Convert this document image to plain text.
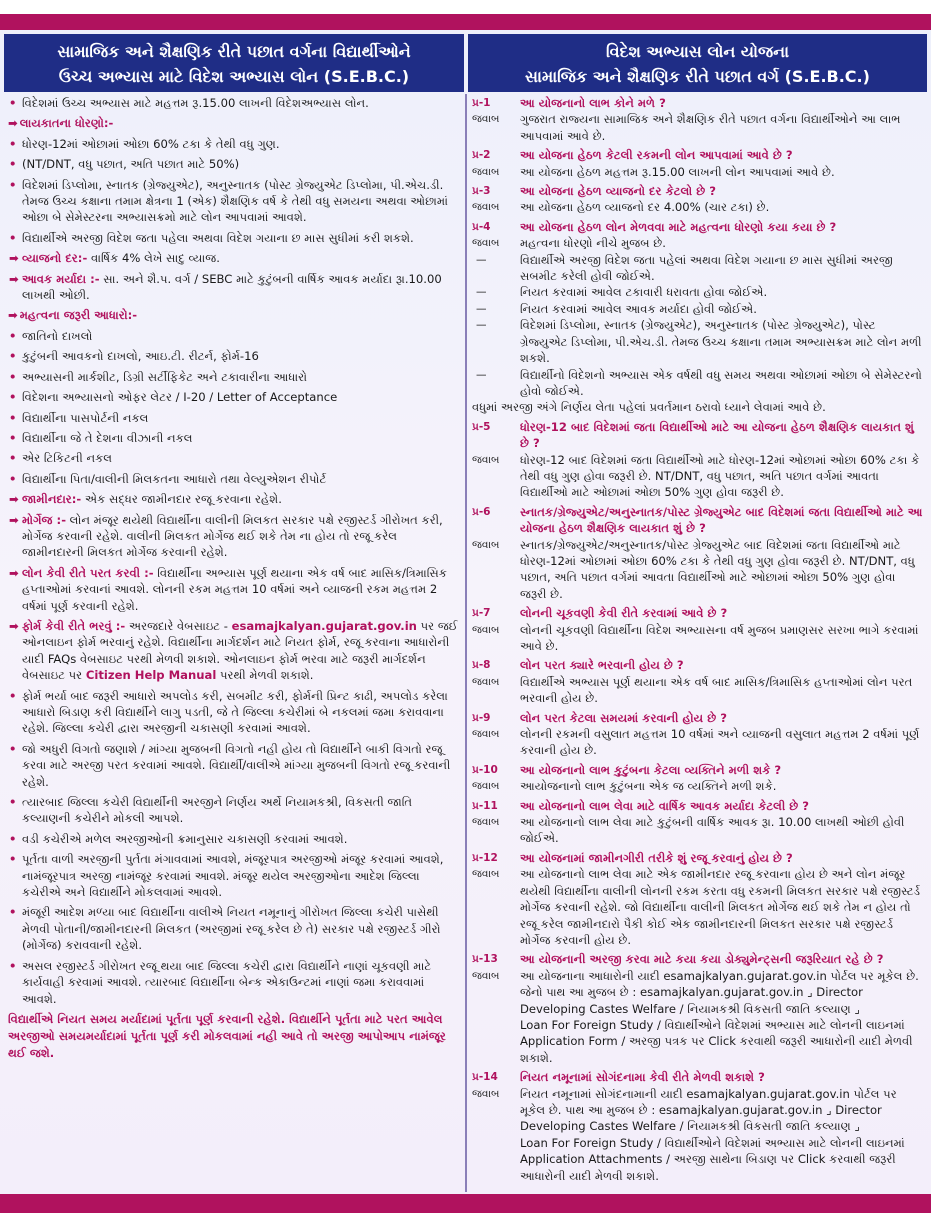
સામાજિક અને શૈક્ષણિક રીતે પછાત વર્ગના વિદ્યાર્થીઓને
ઉચ્ચ અભ્યાસ માટે વિદેશ અભ્યાસ લોન (S.E.B.C.)
વિદેશ અભ્યાસ લોન યોજના
સામાજિક અને શૈક્ષણિક રીતે પછાત વર્ગ (S.E.B.C.)
• વિદેશમાં ઉચ્ચ અભ્યાસ માટે મહત્તમ રૂ.15.00 લાખની વિદેશઅભ્યાસ લોન.
➡ લાયકાતના ધોરણો:-
• ધોરણ-12માં ઓછામાં ઓછા 60% ટકા કે તેથી વધુ ગુણ.
• (NT/DNT, વધુ પછાત, અતિ પછાત માટે 50%)
• વિદેશમાં ડિપ્લોમા, સ્નાતક (ગ્રેજ્યુએટ), અનુસ્નાતક (પોસ્ટ ગ્રેજ્યુએટ ડિપ્લોમા, પી.એચ.ડી. તેમજ ઉચ્ચ કક્ષાના તમામ ક્ષેત્રના 1 (એક) શૈક્ષણિક વર્ષ કે તેથી વધુ સમયના અથવા ઓછામાં ઓછા બે સેમેસ્ટરના અભ્યાસક્રમો માટે લોન આપવામાં આવશે.
• વિદ્યાર્થીએ અરજી વિદેશ જતા પહેલા અથવા વિદેશ ગયાના છ માસ સુધીમાં કરી શકશે.
➡ વ્યાજનો દર:- વાર્ષિક 4% લેખે સાદુ વ્યાજ.
➡ આવક મર્યાદા :- સા. અને શૈ.પ. વર્ગ / SEBC માટે કુટુંબની વાર્ષિક આવક મર્યાદા રૂા.10.00 લાખથી ઓછી.
➡ મહત્વના જરૂરી આધારો:-
• જાતિનો દાખલો
• કુટુંબની આવકનો દાખલો, આઇ.ટી. રીટર્ન, ફોર્મ-16
• અભ્યાસની માર્કશીટ, ડિગ્રી સર્ટીફિકેટ અને ટકાવારીના આધારો
• વિદેશના અભ્યાસનો ઓફર લેટર / I-20 / Letter of Acceptance
• વિદ્યાર્થીના પાસપોર્ટની નકલ
• વિદ્યાર્થીના જે તે દેશના વીઝાની નકલ
• એર ટિકિટની નકલ
• વિદ્યાર્થીના પિતા/વાલીની મિલકતના આધારો તથા વેલ્યુએશન રીપોર્ટ
➡ જામીનદાર:- એક સદ્ધર જામીનદાર રજૂ કરવાના રહેશે.
➡ મોર્ગેજ :- લોન મંજૂર થયેથી વિદ્યાર્થીના વાલીની મિલકત સરકાર પક્ષે રજીસ્ટર્ડ ગીરોખત કરી, મોર્ગેજ કરવાની રહેશે. વાલીની મિલકત મોર્ગેજ થઈ શકે તેમ ના હોય તો રજૂ કરેલ જામીનદારની મિલકત મોર્ગેજ કરવાની રહેશે.
➡ લોન કેવી રીતે પરત કરવી :- વિદ્યાર્થીના અભ્યાસ પૂર્ણ થયાના એક વર્ષ બાદ માસિક/ત્રિમાસિક હપ્તાઓમાં કરવાનાં આવશે. લોનની રકમ મહત્તમ 10 વર્ષમાં અને વ્યાજની રકમ મહત્તમ 2 વર્ષમાં પૂર્ણ કરવાની રહેશે.
➡ ફોર્મ કેવી રીતે ભરવું :- અરજદારે વેબસાઇટ - esamajkalyan.gujarat.gov.in પર જઈ ઓનલાઇન ફોર્મ ભરવાનું રહેશે. વિદ્યાર્થીના માર્ગદર્શન માટે નિયત ફોર્મ, રજૂ કરવાના આધારોની યાદી FAQs વેબસાઇટ પરથી મેળવી શકાશે. ઓનલાઇન ફોર્મ ભરવા માટે જરૂરી માર્ગદર્શન વેબસાઇટ પર Citizen Help Manual પરથી મેળવી શકાશે.
• ફોર્મ ભર્યા બાદ જરૂરી આધારો અપલોડ કરી, સબમીટ કરી, ફોર્મની પ્રિન્ટ કાઢી, અપલોડ કરેલા આધારો બિડાણ કરી વિદ્યાર્થીને લાગુ પડતી, જે તે જિલ્લા કચેરીમાં બે નકલમાં જમા કરાવવાના રહેશે. જિલ્લા કચેરી દ્વારા અરજીની ચકાસણી કરવામાં આવશે.
• જો અધુરી વિગતો જણાશે / માંગ્યા મુજબની વિગતો નહી હોય તો વિદ્યાર્થીને બાકી વિગતો રજૂ કરવા માટે અરજી પરત કરવામાં આવશે. વિદ્યાર્થી/વાલીએ માંગ્યા મુજબની વિગતો રજૂ કરવાની રહેશે.
• ત્યારબાદ જિલ્લા કચેરી વિદ્યાર્થીની અરજીને નિર્ણય અર્થે નિયામકશ્રી, વિકસતી જાતિ કલ્યાણની કચેરીને મોકલી આપશે.
• વડી કચેરીએ મળેલ અરજીઓની ક્રમાનુસાર ચકાસણી કરવામાં આવશે.
• પૂર્તતા વાળી અરજીની પુર્તતા મંગાવવામાં આવશે, મંજૂરપાત્ર અરજીઓ મંજૂર કરવામાં આવશે, નામંજૂરપાત્ર અરજી નામંજૂર કરવામાં આવશે. મંજૂર થયેલ અરજીઓના આદેશ જિલ્લા કચેરીએ અને વિદ્યાર્થીને મોકલવામાં આવશે.
• મંજૂરી આદેશ મળ્યા બાદ વિદ્યાર્થીના વાલીએ નિયત નમૂનાનું ગીરોખત જિલ્લા કચેરી પાસેથી મેળવી પોતાની/જામીનદારની મિલકત (અરજીમાં રજૂ કરેલ છે તે) સરકાર પક્ષે રજીસ્ટર્ડ ગીરો (મોર્ગેજ) કરાવવાની રહેશે.
• અસલ રજીસ્ટર્ડ ગીરોખત રજૂ થયા બાદ જિલ્લા કચેરી દ્વારા વિદ્યાર્થીને નાણાં ચૂકવણી માટે કાર્યવાહી કરવામાં આવશે. ત્યારબાદ વિદ્યાર્થીના બેન્ક એકાઉન્ટમાં નાણાં જમા કરાવવામાં આવશે.
વિદ્યાર્થીએ નિયત સમય મર્યાદામાં પૂર્તતા પૂર્ણ કરવાની રહેશે. વિદ્યાર્થીને પૂર્તતા માટે પરત આવેલ અરજીઓ સમયમર્યાદામાં પૂર્તતા પૂર્ણ કરી મોકલવામાં નહી આવે તો અરજી આપોઆપ નામંજૂર થઈ જશે.
પ્ર-1	આ યોજનાનો લાભ કોને મળે ?
જવાબ	ગુજરાત રાજ્યના સામાજિક અને શૈક્ષણિક રીતે પછાત વર્ગના વિદ્યાર્થીઓને આ લાભ આપવામાં આવે છે.
પ્ર-2	આ યોજના હેઠળ કેટલી રકમની લોન આપવામાં આવે છે ?
જવાબ	આ યોજના હેઠળ મહત્તમ રૂ.15.00 લાખની લોન આપવામાં આવે છે.
પ્ર-3	આ યોજના હેઠળ વ્યાજનો દર કેટલો છે ?
જવાબ	આ યોજના હેઠળ વ્યાજનો દર 4.00% (ચાર ટકા) છે.
પ્ર-4	આ યોજના હેઠળ લોન મેળવવા માટે મહત્વના ધોરણો કયા કયા છે ?
જવાબ	મહત્વના ધોરણો નીચે મુજબ છે.
—	વિદ્યાર્થીએ અરજી વિદેશ જતા પહેલાં અથવા વિદેશ ગયાના છ માસ સુધીમાં અરજી સબમીટ કરેલી હોવી જોઈએ.
—	નિયત કરવામાં આવેલ ટકાવારી ધરાવતા હોવા જોઈએ.
—	નિયત કરવામાં આવેલ આવક મર્યાદા હોવી જોઈએ.
—	વિદેશમાં ડિપ્લોમા, સ્નાતક (ગ્રેજ્યુએટ), અનુસ્નાતક (પોસ્ટ ગ્રેજ્યુએટ), પોસ્ટ ગ્રેજ્યુએટ ડિપ્લોમા, પી.એચ.ડી. તેમજ ઉચ્ચ કક્ષાના તમામ અભ્યાસક્રમ માટે લોન મળી શકશે.
—	વિદ્યાર્થીનો વિદેશનો અભ્યાસ એક વર્ષથી વધુ સમય અથવા ઓછામાં ઓછા બે સેમેસ્ટરનો હોવો જોઈએ.
વધુમાં અરજી અંગે નિર્ણય લેતા પહેલાં પ્રવર્તમાન ઠરાવો ધ્યાને લેવામાં આવે છે.
પ્ર-5	ધોરણ-12 બાદ વિદેશમાં જતા વિદ્યાર્થીઓ માટે આ યોજના હેઠળ શૈક્ષણિક લાયકાત શું છે ?
જવાબ	ધોરણ-12 બાદ વિદેશમાં જતા વિદ્યાર્થીઓ માટે ધોરણ-12માં ઓછામાં ઓછા 60% ટકા કે તેથી વધુ ગુણ હોવા જરૂરી છે. NT/DNT, વધુ પછાત, અતિ પછાત વર્ગમાં આવતા વિદ્યાર્થીઓ માટે ઓછામાં ઓછા 50% ગુણ હોવા જરૂરી છે.
પ્ર-6	સ્નાતક/ગ્રેજ્યુએટ/અનુસ્નાતક/પોસ્ટ ગ્રેજ્યુએટ બાદ વિદેશમાં જતા વિદ્યાર્થીઓ માટે આ યોજના હેઠળ શૈક્ષણિક લાયકાત શું છે ?
જવાબ	સ્નાતક/ગ્રેજ્યુએટ/અનુસ્નાતક/પોસ્ટ ગ્રેજ્યુએટ બાદ વિદેશમાં જતા વિદ્યાર્થીઓ માટે ધોરણ-12માં ઓછામાં ઓછા 60% ટકા કે તેથી વધુ ગુણ હોવા જરૂરી છે. NT/DNT, વધુ પછાત, અતિ પછાત વર્ગમાં આવતા વિદ્યાર્થીઓ માટે ઓછામાં ઓછા 50% ગુણ હોવા જરૂરી છે.
પ્ર-7	લોનની ચૂકવણી કેવી રીતે કરવામાં આવે છે ?
જવાબ	લોનની ચૂકવણી વિદ્યાર્થીના વિદેશ અભ્યાસના વર્ષ મુજબ પ્રમાણસર સરખા ભાગે કરવામાં આવે છે.
પ્ર-8	લોન પરત ક્યારે ભરવાની હોય છે ?
જવાબ	વિદ્યાર્થીએ અભ્યાસ પૂર્ણ થયાના એક વર્ષ બાદ માસિક/ત્રિમાસિક હપ્તાઓમાં લોન પરત ભરવાની હોય છે.
પ્ર-9	લોન પરત કેટલા સમયમાં કરવાની હોય છે ?
જવાબ	લોનની રકમની વસુલાત મહત્તમ 10 વર્ષમાં અને વ્યાજની વસુલાત મહત્તમ 2 વર્ષમાં પૂર્ણ કરવાની હોય છે.
પ્ર-10	આ યોજનાનો લાભ કુટુંબના કેટલા વ્યક્તિને મળી શકે ?
જવાબ	આયોજનાનો લાભ કુટુંબના એક જ વ્યક્તિને મળી શકે.
પ્ર-11	આ યોજનાનો લાભ લેવા માટે વાર્ષિક આવક મર્યાદા કેટલી છે ?
જવાબ	આ યોજનાનો લાભ લેવા માટે કુટુંબની વાર્ષિક આવક રૂા. 10.00 લાખથી ઓછી હોવી જોઈએ.
પ્ર-12	આ યોજનામાં જામીનગીરી તરીકે શું રજૂ કરવાનું હોય છે ?
જવાબ	આ યોજનાનો લાભ લેવા માટે એક જામીનદાર રજૂ કરવાના હોય છે અને લોન મંજૂર થયેથી વિદ્યાર્થીના વાલીની લોનની રકમ કરતા વધુ રકમની મિલકત સરકાર પક્ષે રજીસ્ટર્ડ મોર્ગેજ કરવાની રહેશે. જો વિદ્યાર્થીના વાલીની મિલકત મોર્ગેજ થઈ શકે તેમ ન હોય તો રજૂ કરેલ જામીનદારો પૈકી કોઈ એક જામીનદારની મિલકત સરકાર પક્ષે રજીસ્ટર્ડ મોર્ગેજ કરવાની હોય છે.
પ્ર-13	આ યોજનાની અરજી કરવા માટે કયા કયા ડોક્યુમેન્ટ્સની જરૂરિયાત રહે છે ?
જવાબ	આ યોજનાના આધારોની યાદી esamajkalyan.gujarat.gov.in પોર્ટલ પર મૂકેલ છે. જેનો પાથ આ મુજબ છે : esamajkalyan.gujarat.gov.in ⌟ Director Developing Castes Welfare / નિયામકશ્રી વિકસતી જાતિ કલ્યાણ ⌟
Loan For Foreign Study / વિદ્યાર્થીઓને વિદેશમાં અભ્યાસ માટે લોનની લાઇનમાં Application Form / અરજી પત્રક પર Click કરવાથી જરૂરી આધારોની યાદી મેળવી શકાશે.
પ્ર-14	નિયત નમૂનામાં સોગંદનામા કેવી રીતે મેળવી શકાશે ?
જવાબ	નિયત નમૂનામાં સોગંદનામાની યાદી esamajkalyan.gujarat.gov.in પોર્ટલ પર મૂકેલ છે. પાથ આ મુજબ છે : esamajkalyan.gujarat.gov.in ⌟ Director Developing Castes Welfare / નિયામકશ્રી વિકસતી જાતિ કલ્યાણ ⌟
Loan For Foreign Study / વિદ્યાર્થીઓને વિદેશમાં અભ્યાસ માટે લોનની લાઇનમાં Application Attachments / અરજી સાથેના બિડાણ પર Click કરવાથી જરૂરી આધારોની યાદી મેળવી શકાશે.
